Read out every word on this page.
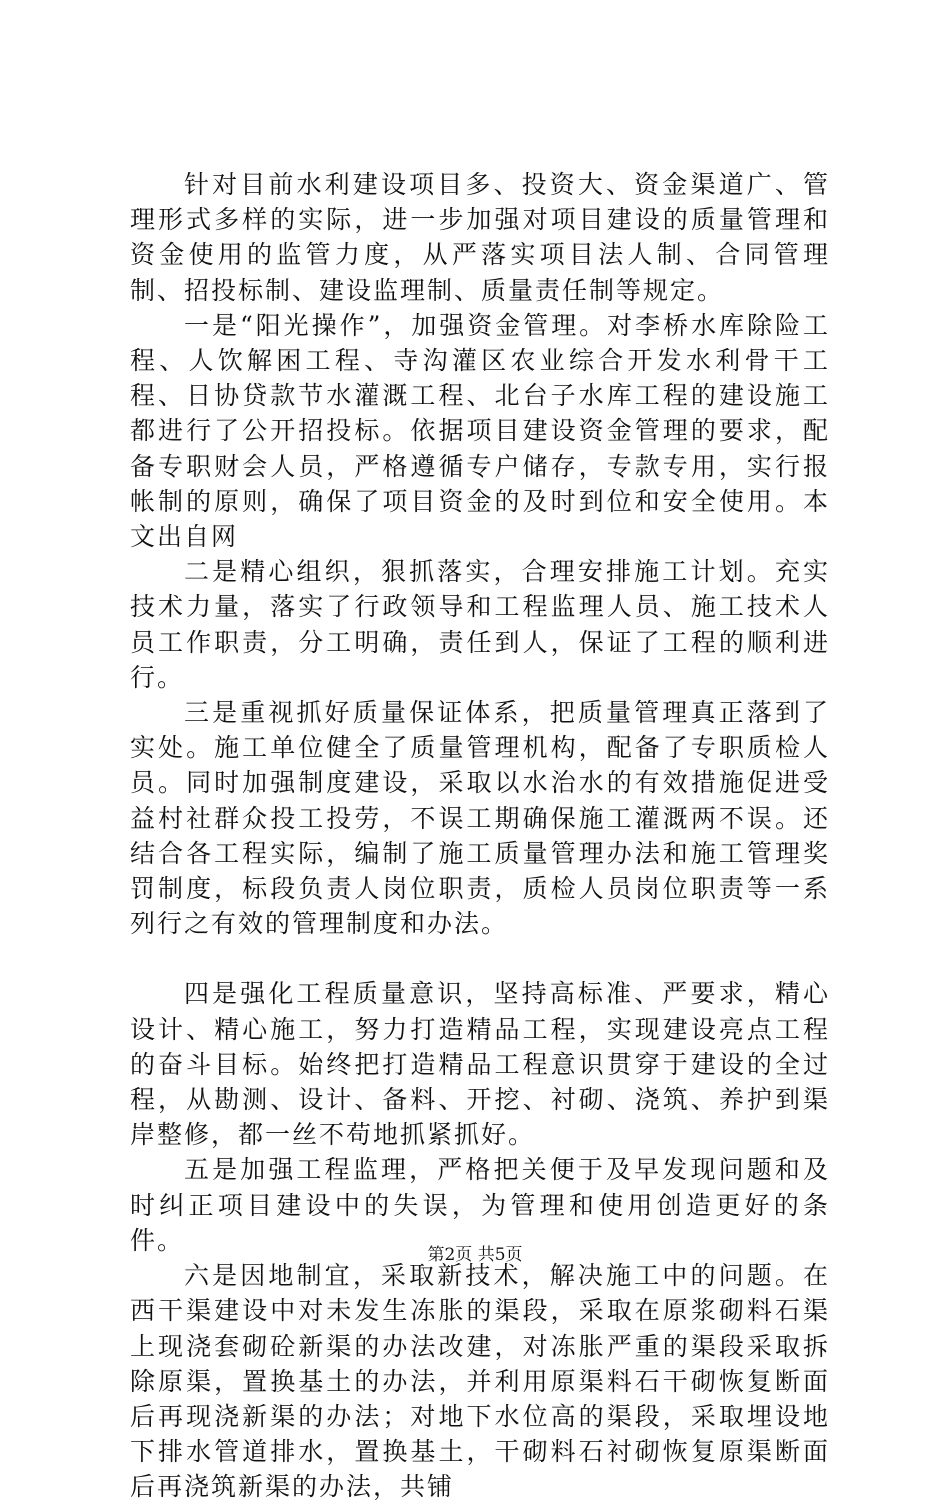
针对目前水利建设项目多、投资大、资金渠道广、管理形式多样的实际，进一步加强对项目建设的质量管理和资金使用的监管力度，从严落实项目法人制、合同管理制、招投标制、建设监理制、质量责任制等规定。

一是“阳光操作”，加强资金管理。对李桥水库除险工程、人饮解困工程、寺沟灌区农业综合开发水利骨干工程、日协贷款节水灌溉工程、北台子水库工程的建设施工都进行了公开招投标。依据项目建设资金管理的要求，配备专职财会人员，严格遵循专户储存，专款专用，实行报帐制的原则，确保了项目资金的及时到位和安全使用。本文出自网

二是精心组织，狠抓落实，合理安排施工计划。充实技术力量，落实了行政领导和工程监理人员、施工技术人员工作职责，分工明确，责任到人，保证了工程的顺利进行。

三是重视抓好质量保证体系，把质量管理真正落到了实处。施工单位健全了质量管理机构，配备了专职质检人员。同时加强制度建设，采取以水治水的有效措施促进受益村社群众投工投劳，不误工期确保施工灌溉两不误。还结合各工程实际，编制了施工质量管理办法和施工管理奖罚制度，标段负责人岗位职责，质检人员岗位职责等一系列行之有效的管理制度和办法。

四是强化工程质量意识，坚持高标准、严要求，精心设计、精心施工，努力打造精品工程，实现建设亮点工程的奋斗目标。始终把打造精品工程意识贯穿于建设的全过程，从勘测、设计、备料、开挖、衬砌、浇筑、养护到渠岸整修，都一丝不苟地抓紧抓好。

五是加强工程监理，严格把关便于及早发现问题和及时纠正项目建设中的失误，为管理和使用创造更好的条件。

六是因地制宜，采取新技术，解决施工中的问题。在西干渠建设中对未发生冻胀的渠段，采取在原浆砌料石渠上现浇套砌砼新渠的办法改建，对冻胀严重的渠段采取拆除原渠，置换基土的办法，并利用原渠料石干砌恢复断面后再现浇新渠的办法；对地下水位高的渠段，采取埋设地下排水管道排水，置换基土，干砌料石衬砌恢复原渠断面后再浇筑新渠的办法，共铺

第2页 共5页
